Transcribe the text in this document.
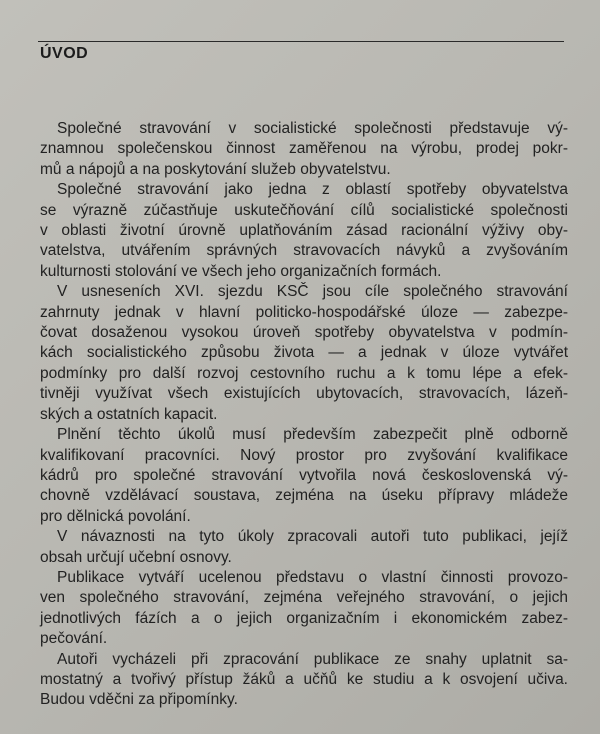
ÚVOD
Společné stravování v socialistické společnosti představuje vý-
znamnou společenskou činnost zaměřenou na výrobu, prodej pokr-
mů a nápojů a na poskytování služeb obyvatelstvu.
Společné stravování jako jedna z oblastí spotřeby obyvatelstva
se výrazně zúčastňuje uskutečňování cílů socialistické společnosti
v oblasti životní úrovně uplatňováním zásad racionální výživy oby-
vatelstva, utvářením správných stravovacích návyků a zvyšováním
kulturnosti stolování ve všech jeho organizačních formách.
V usneseních XVI. sjezdu KSČ jsou cíle společného stravování
zahrnuty jednak v hlavní politicko-hospodářské úloze — zabezpe-
čovat dosaženou vysokou úroveň spotřeby obyvatelstva v podmín-
kách socialistického způsobu života — a jednak v úloze vytvářet
podmínky pro další rozvoj cestovního ruchu a k tomu lépe a efek-
tivněji využívat všech existujících ubytovacích, stravovacích, lázeň-
ských a ostatních kapacit.
Plnění těchto úkolů musí především zabezpečit plně odborně
kvalifikovaní pracovníci. Nový prostor pro zvyšování kvalifikace
kádrů pro společné stravování vytvořila nová československá vý-
chovně vzdělávací soustava, zejména na úseku přípravy mládeže
pro dělnická povolání.
V návaznosti na tyto úkoly zpracovali autoři tuto publikaci, jejíž
obsah určují učební osnovy.
Publikace vytváří ucelenou představu o vlastní činnosti provozo-
ven společného stravování, zejména veřejného stravování, o jejich
jednotlivých fázích a o jejich organizačním i ekonomickém zabez-
pečování.
Autoři vycházeli při zpracování publikace ze snahy uplatnit sa-
mostatný a tvořivý přístup žáků a učňů ke studiu a k osvojení učiva.
Budou vděčni za připomínky.
